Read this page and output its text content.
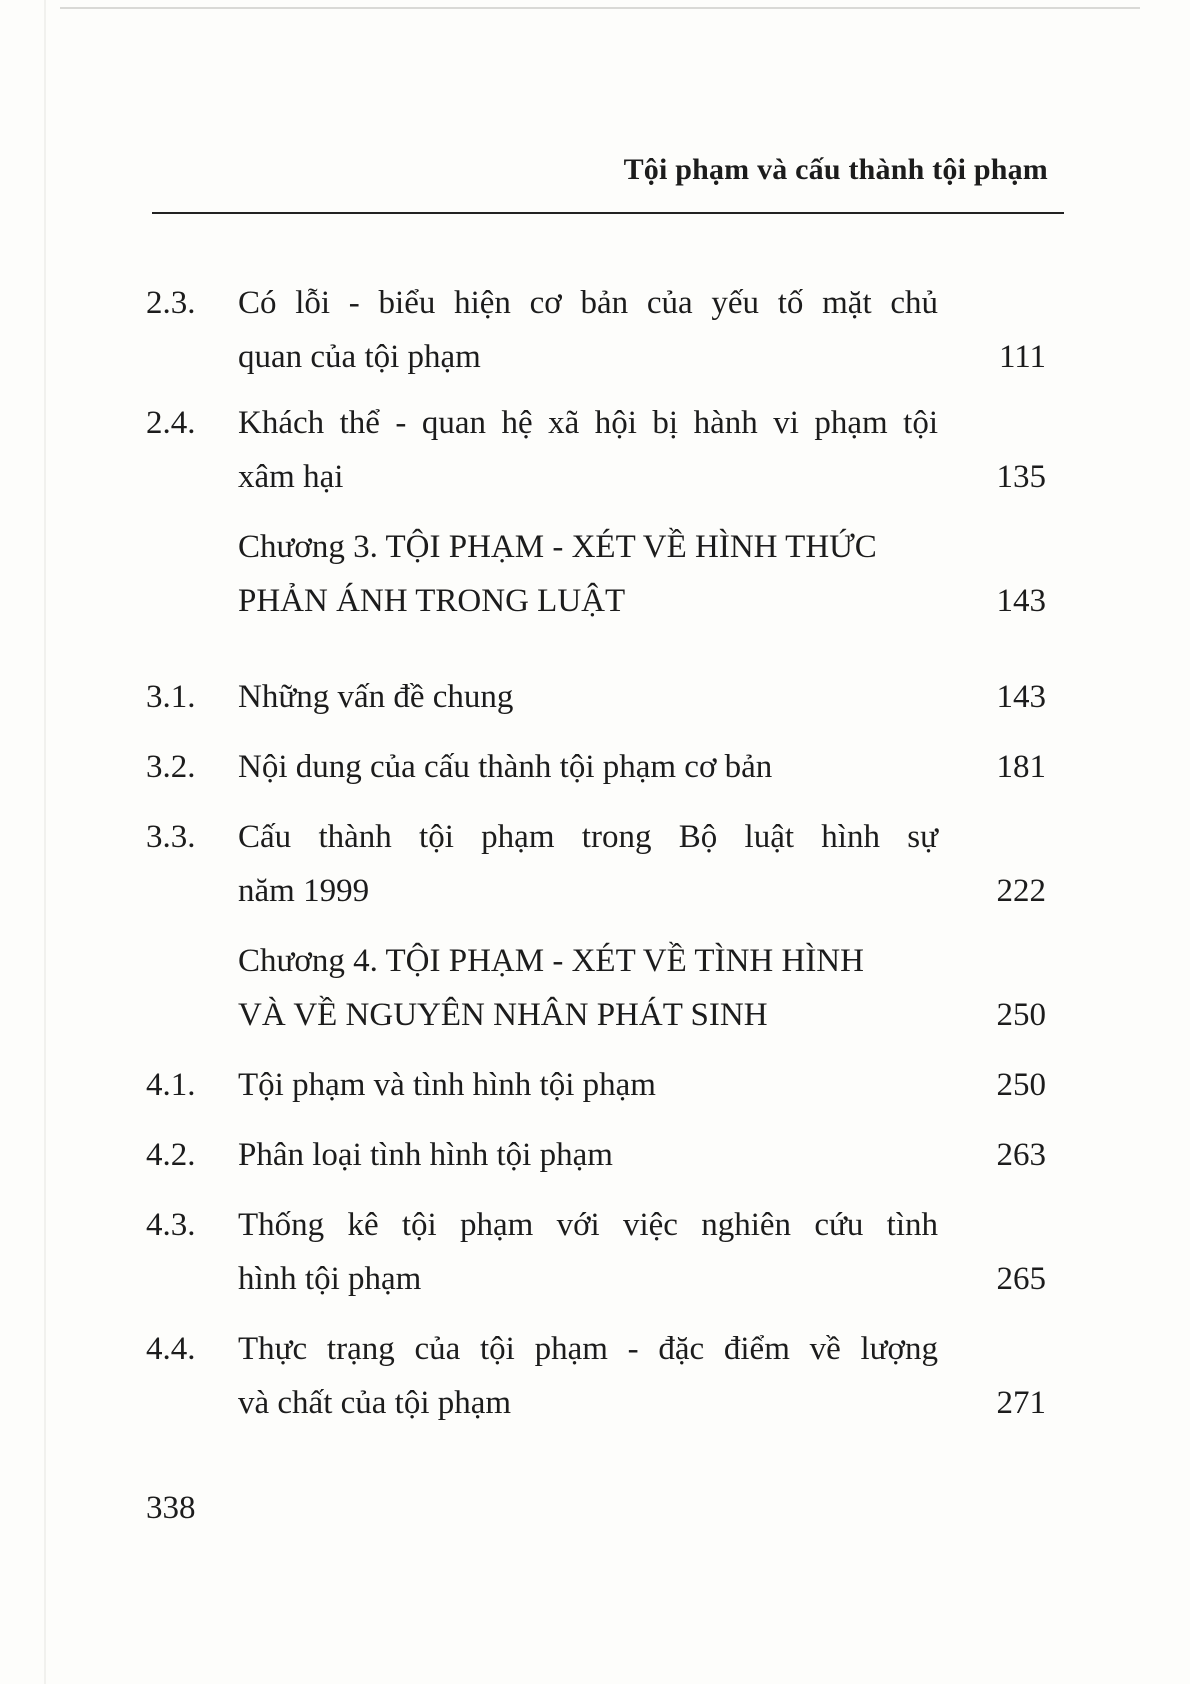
Tội phạm và cấu thành tội phạm
2.3. Có lỗi - biểu hiện cơ bản của yếu tố mặt chủ
quan của tội phạm	111
2.4. Khách thể - quan hệ xã hội bị hành vi phạm tội
xâm hại	135
Chương 3. TỘI PHẠM - XÉT VỀ HÌNH THỨC
PHẢN ÁNH TRONG LUẬT	143
3.1. Những vấn đề chung	143
3.2. Nội dung của cấu thành tội phạm cơ bản	181
3.3. Cấu thành tội phạm trong Bộ luật hình sự
năm 1999	222
Chương 4. TỘI PHẠM - XÉT VỀ TÌNH HÌNH
VÀ VỀ NGUYÊN NHÂN PHÁT SINH	250
4.1. Tội phạm và tình hình tội phạm	250
4.2. Phân loại tình hình tội phạm	263
4.3. Thống kê tội phạm với việc nghiên cứu tình
hình tội phạm	265
4.4. Thực trạng của tội phạm - đặc điểm về lượng
và chất của tội phạm	271
338
